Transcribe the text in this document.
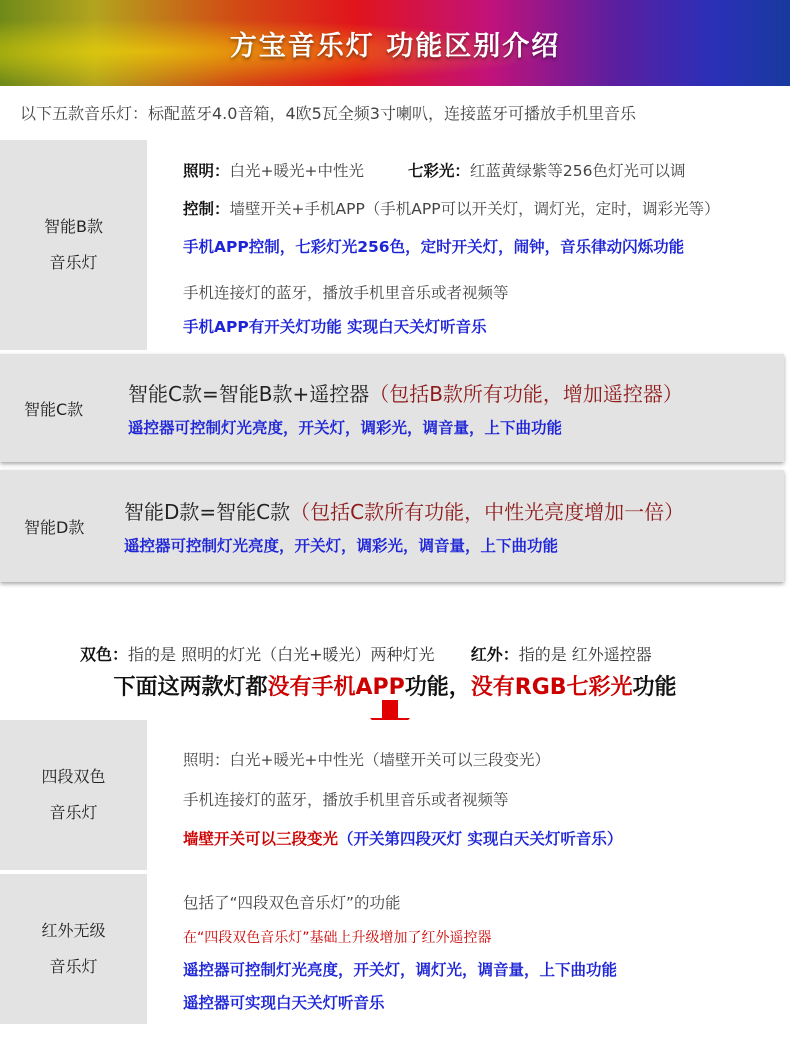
方宝音乐灯 功能区别介绍
以下五款音乐灯：标配蓝牙4.0音箱，4欧5瓦全频3寸喇叭，连接蓝牙可播放手机里音乐
智能B款
音乐灯
照明：白光+暖光+中性光	七彩光：红蓝黄绿紫等256色灯光可以调
控制：墙壁开关+手机APP（手机APP可以开关灯，调灯光，定时，调彩光等）
手机APP控制，七彩灯光256色，定时开关灯，闹钟，音乐律动闪烁功能
手机连接灯的蓝牙，播放手机里音乐或者视频等
手机APP有开关灯功能 实现白天关灯听音乐
智能C款
智能C款=智能B款+遥控器（包括B款所有功能，增加遥控器）
遥控器可控制灯光亮度，开关灯，调彩光，调音量，上下曲功能
智能D款
智能D款=智能C款（包括C款所有功能，中性光亮度增加一倍）
遥控器可控制灯光亮度，开关灯，调彩光，调音量，上下曲功能
双色：指的是 照明的灯光（白光+暖光）两种灯光 红外：指的是 红外遥控器
下面这两款灯都没有手机APP功能，没有RGB七彩光功能
四段双色
音乐灯
照明：白光+暖光+中性光（墙壁开关可以三段变光）
手机连接灯的蓝牙，播放手机里音乐或者视频等
墙壁开关可以三段变光（开关第四段灭灯 实现白天关灯听音乐）
红外无级
音乐灯
包括了“四段双色音乐灯”的功能
在“四段双色音乐灯”基础上升级增加了红外遥控器
遥控器可控制灯光亮度，开关灯，调灯光，调音量，上下曲功能
遥控器可实现白天关灯听音乐
